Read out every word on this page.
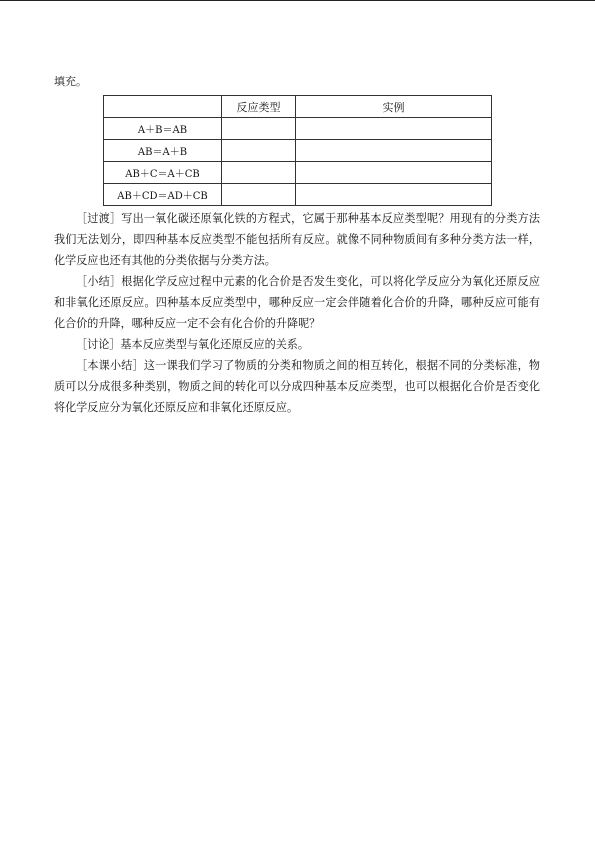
填充。
	反应类型	实例
A＋B＝AB		
AB＝A＋B		
AB＋C＝A＋CB		
AB＋CD＝AD＋CB		

［过渡］写出一氧化碳还原氧化铁的方程式，它属于那种基本反应类型呢？用现有的分类方法我们无法划分，即四种基本反应类型不能包括所有反应。就像不同种物质间有多种分类方法一样，化学反应也还有其他的分类依据与分类方法。

［小结］根据化学反应过程中元素的化合价是否发生变化，可以将化学反应分为氧化还原反应和非氧化还原反应。四种基本反应类型中，哪种反应一定会伴随着化合价的升降，哪种反应可能有化合价的升降，哪种反应一定不会有化合价的升降呢？

［讨论］基本反应类型与氧化还原反应的关系。

［本课小结］这一课我们学习了物质的分类和物质之间的相互转化，根据不同的分类标准，物质可以分成很多种类别，物质之间的转化可以分成四种基本反应类型，也可以根据化合价是否变化将化学反应分为氧化还原反应和非氧化还原反应。
